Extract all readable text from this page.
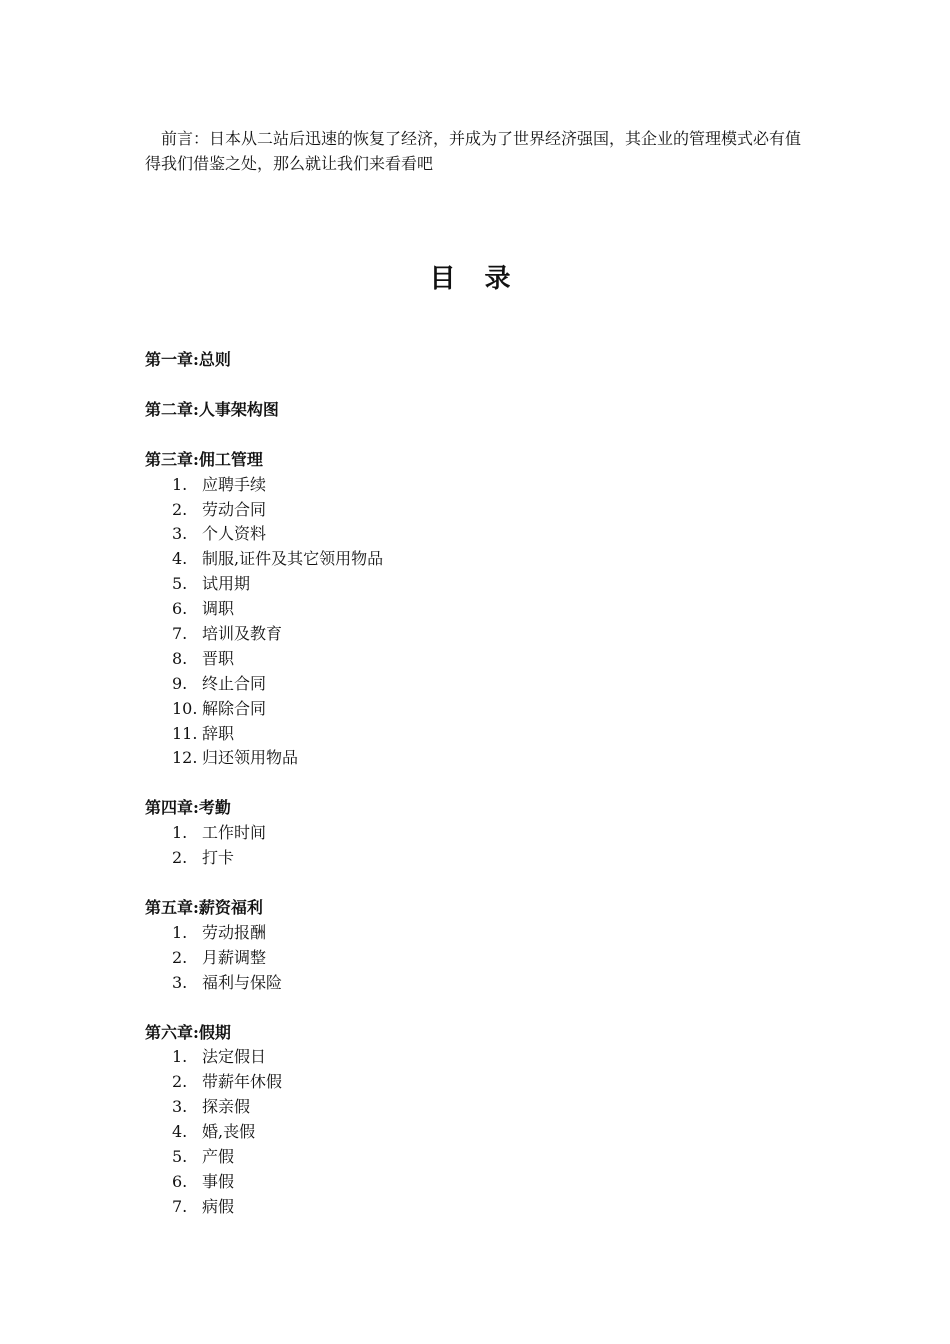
前言：日本从二站后迅速的恢复了经济，并成为了世界经济强国，其企业的管理模式必有值得我们借鉴之处，那么就让我们来看看吧

目 录
第一章:总则
第二章:人事架构图
第三章:佣工管理
1. 应聘手续
2. 劳动合同
3. 个人资料
4. 制服,证件及其它领用物品
5. 试用期
6. 调职
7. 培训及教育
8. 晋职
9. 终止合同
10. 解除合同
11. 辞职
12. 归还领用物品
第四章:考勤
1. 工作时间
2. 打卡
第五章:薪资福利
1. 劳动报酬
2. 月薪调整
3. 福利与保险
第六章:假期
1. 法定假日
2. 带薪年休假
3. 探亲假
4. 婚,丧假
5. 产假
6. 事假
7. 病假
